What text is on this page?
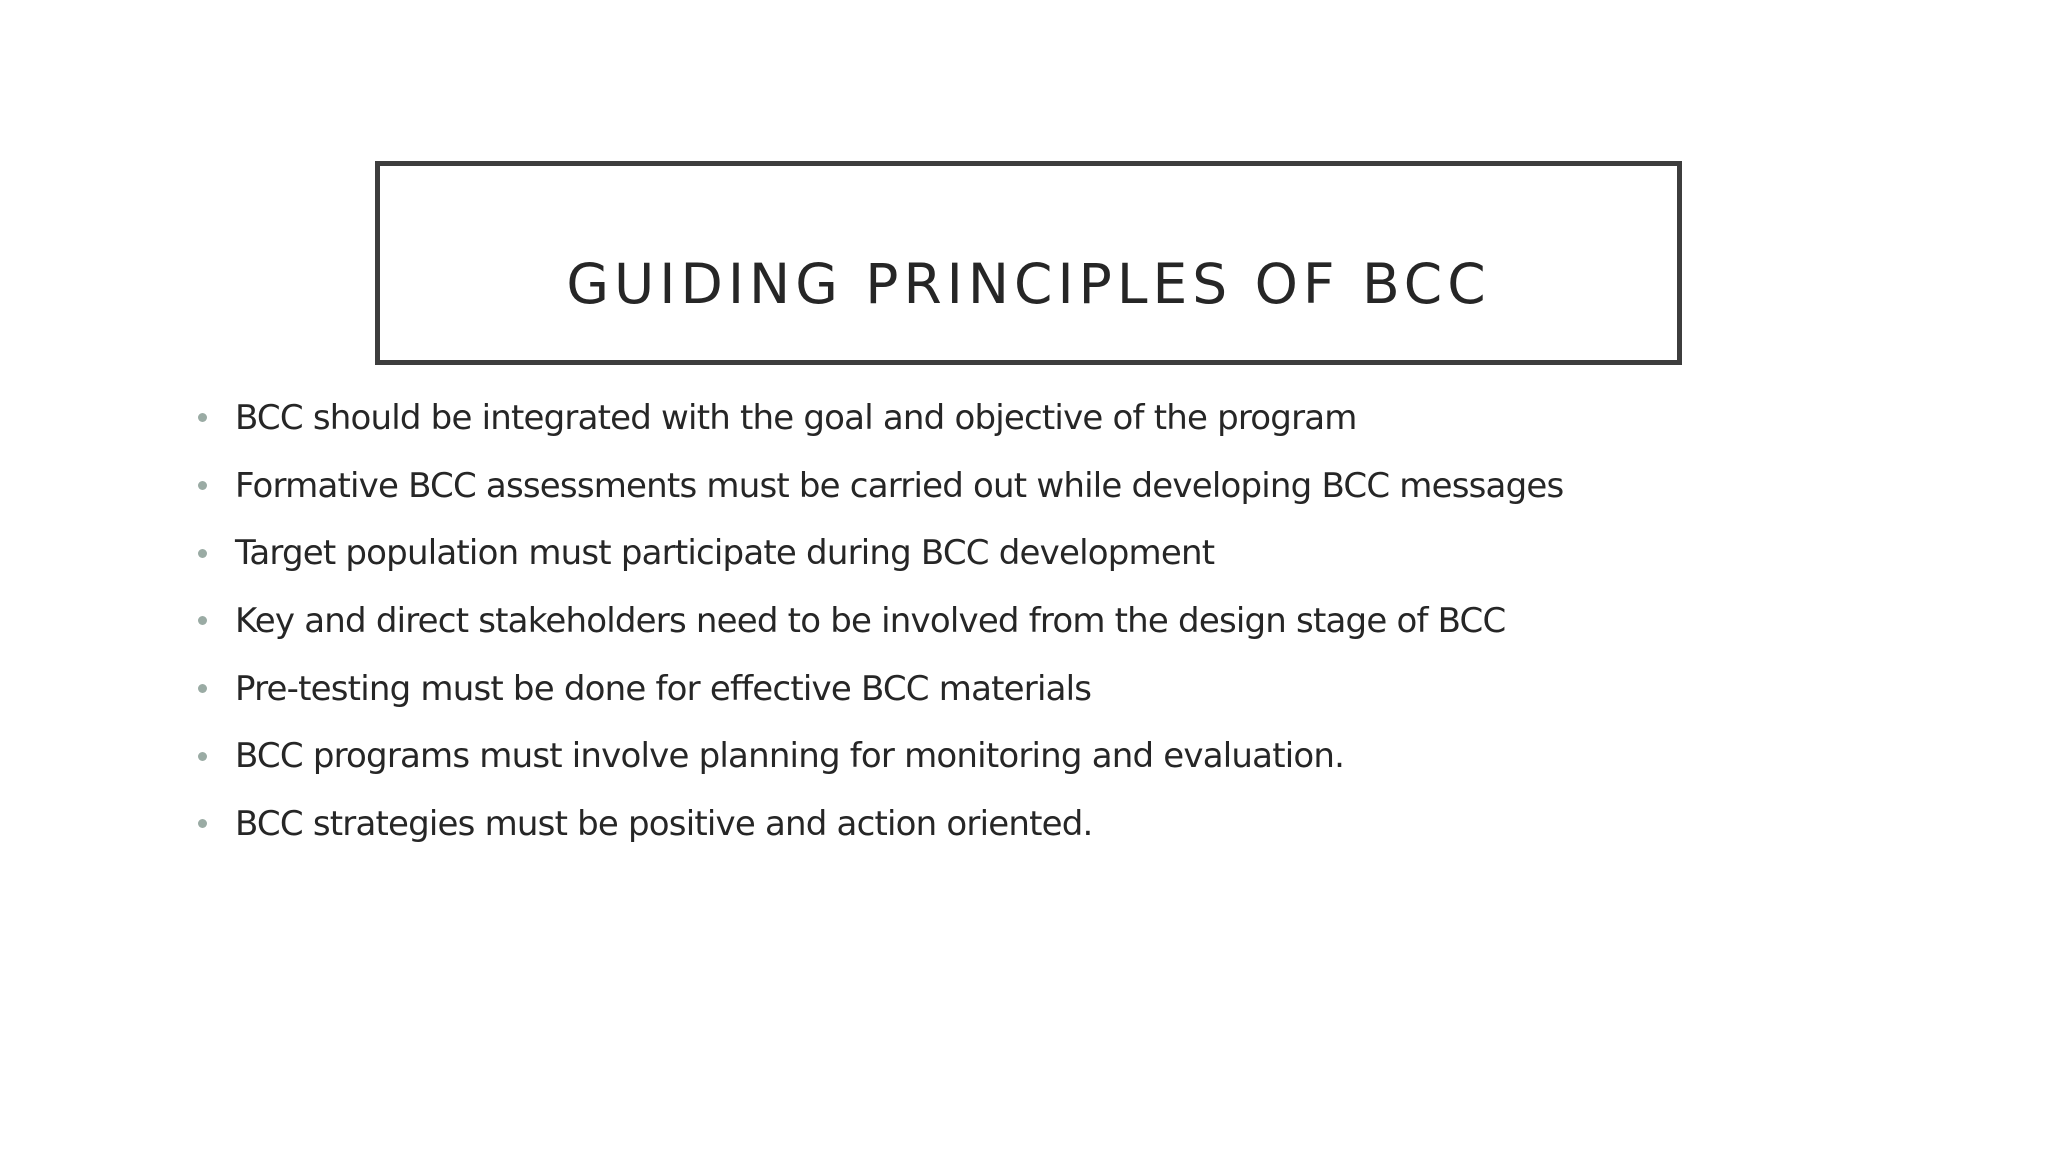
GUIDING PRINCIPLES OF BCC
BCC should be integrated with the goal and objective of the program
Formative BCC assessments must be carried out while developing BCC messages
Target population must participate during BCC development
Key and direct stakeholders need to be involved from the design stage of BCC
Pre-testing must be done for effective BCC materials
BCC programs must involve planning for monitoring and evaluation.
BCC strategies must be positive and action oriented.
